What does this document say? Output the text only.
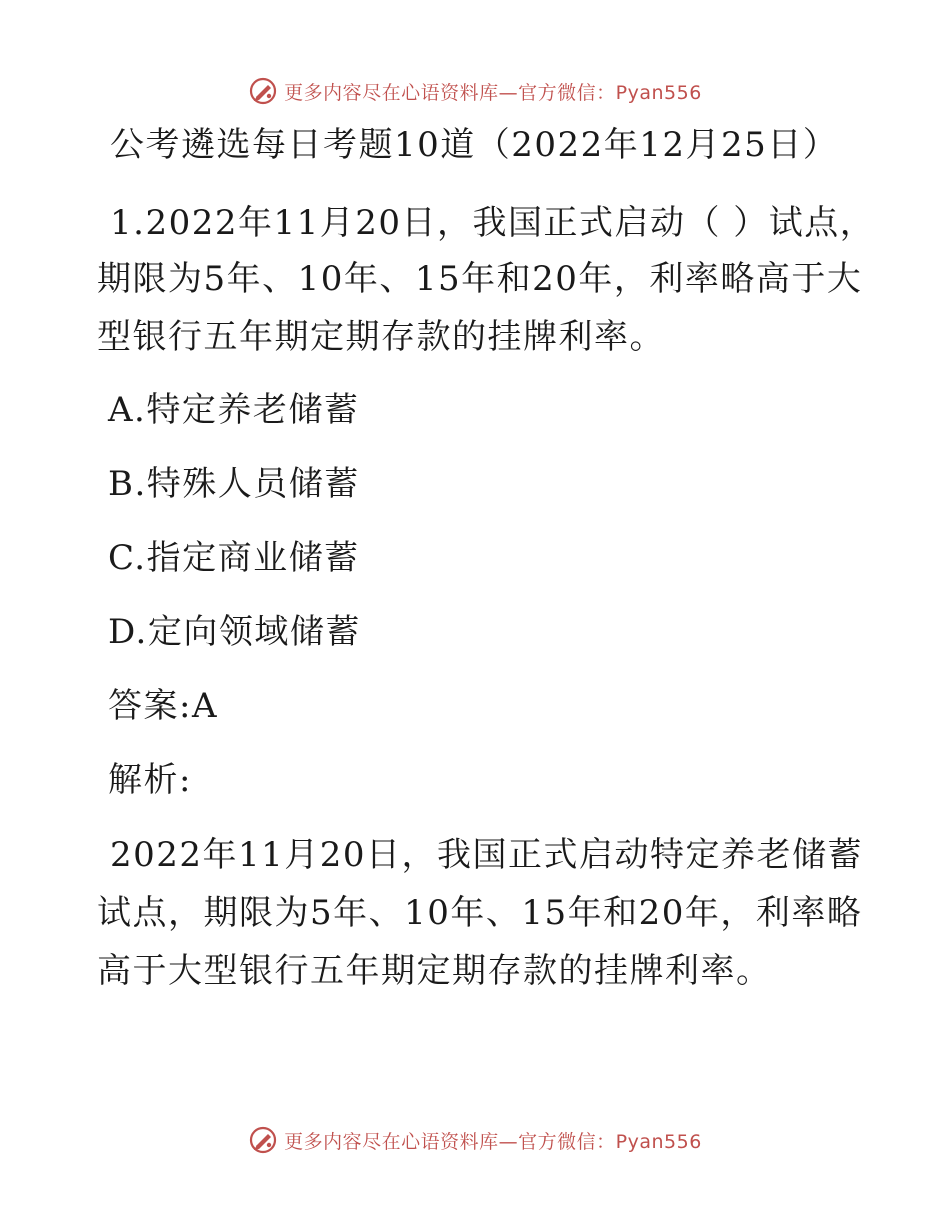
更多内容尽在心语资料库—官方微信：Pyan556
公考遴选每日考题10道（2022年12月25日）
1.2022年11月20日，我国正式启动（ ）试点，
期限为5年、10年、15年和20年，利率略高于大
型银行五年期定期存款的挂牌利率。
A.特定养老储蓄
B.特殊人员储蓄
C.指定商业储蓄
D.定向领域储蓄
答案:A
解析:
2022年11月20日，我国正式启动特定养老储蓄
试点，期限为5年、10年、15年和20年，利率略
高于大型银行五年期定期存款的挂牌利率。
更多内容尽在心语资料库—官方微信：Pyan556
